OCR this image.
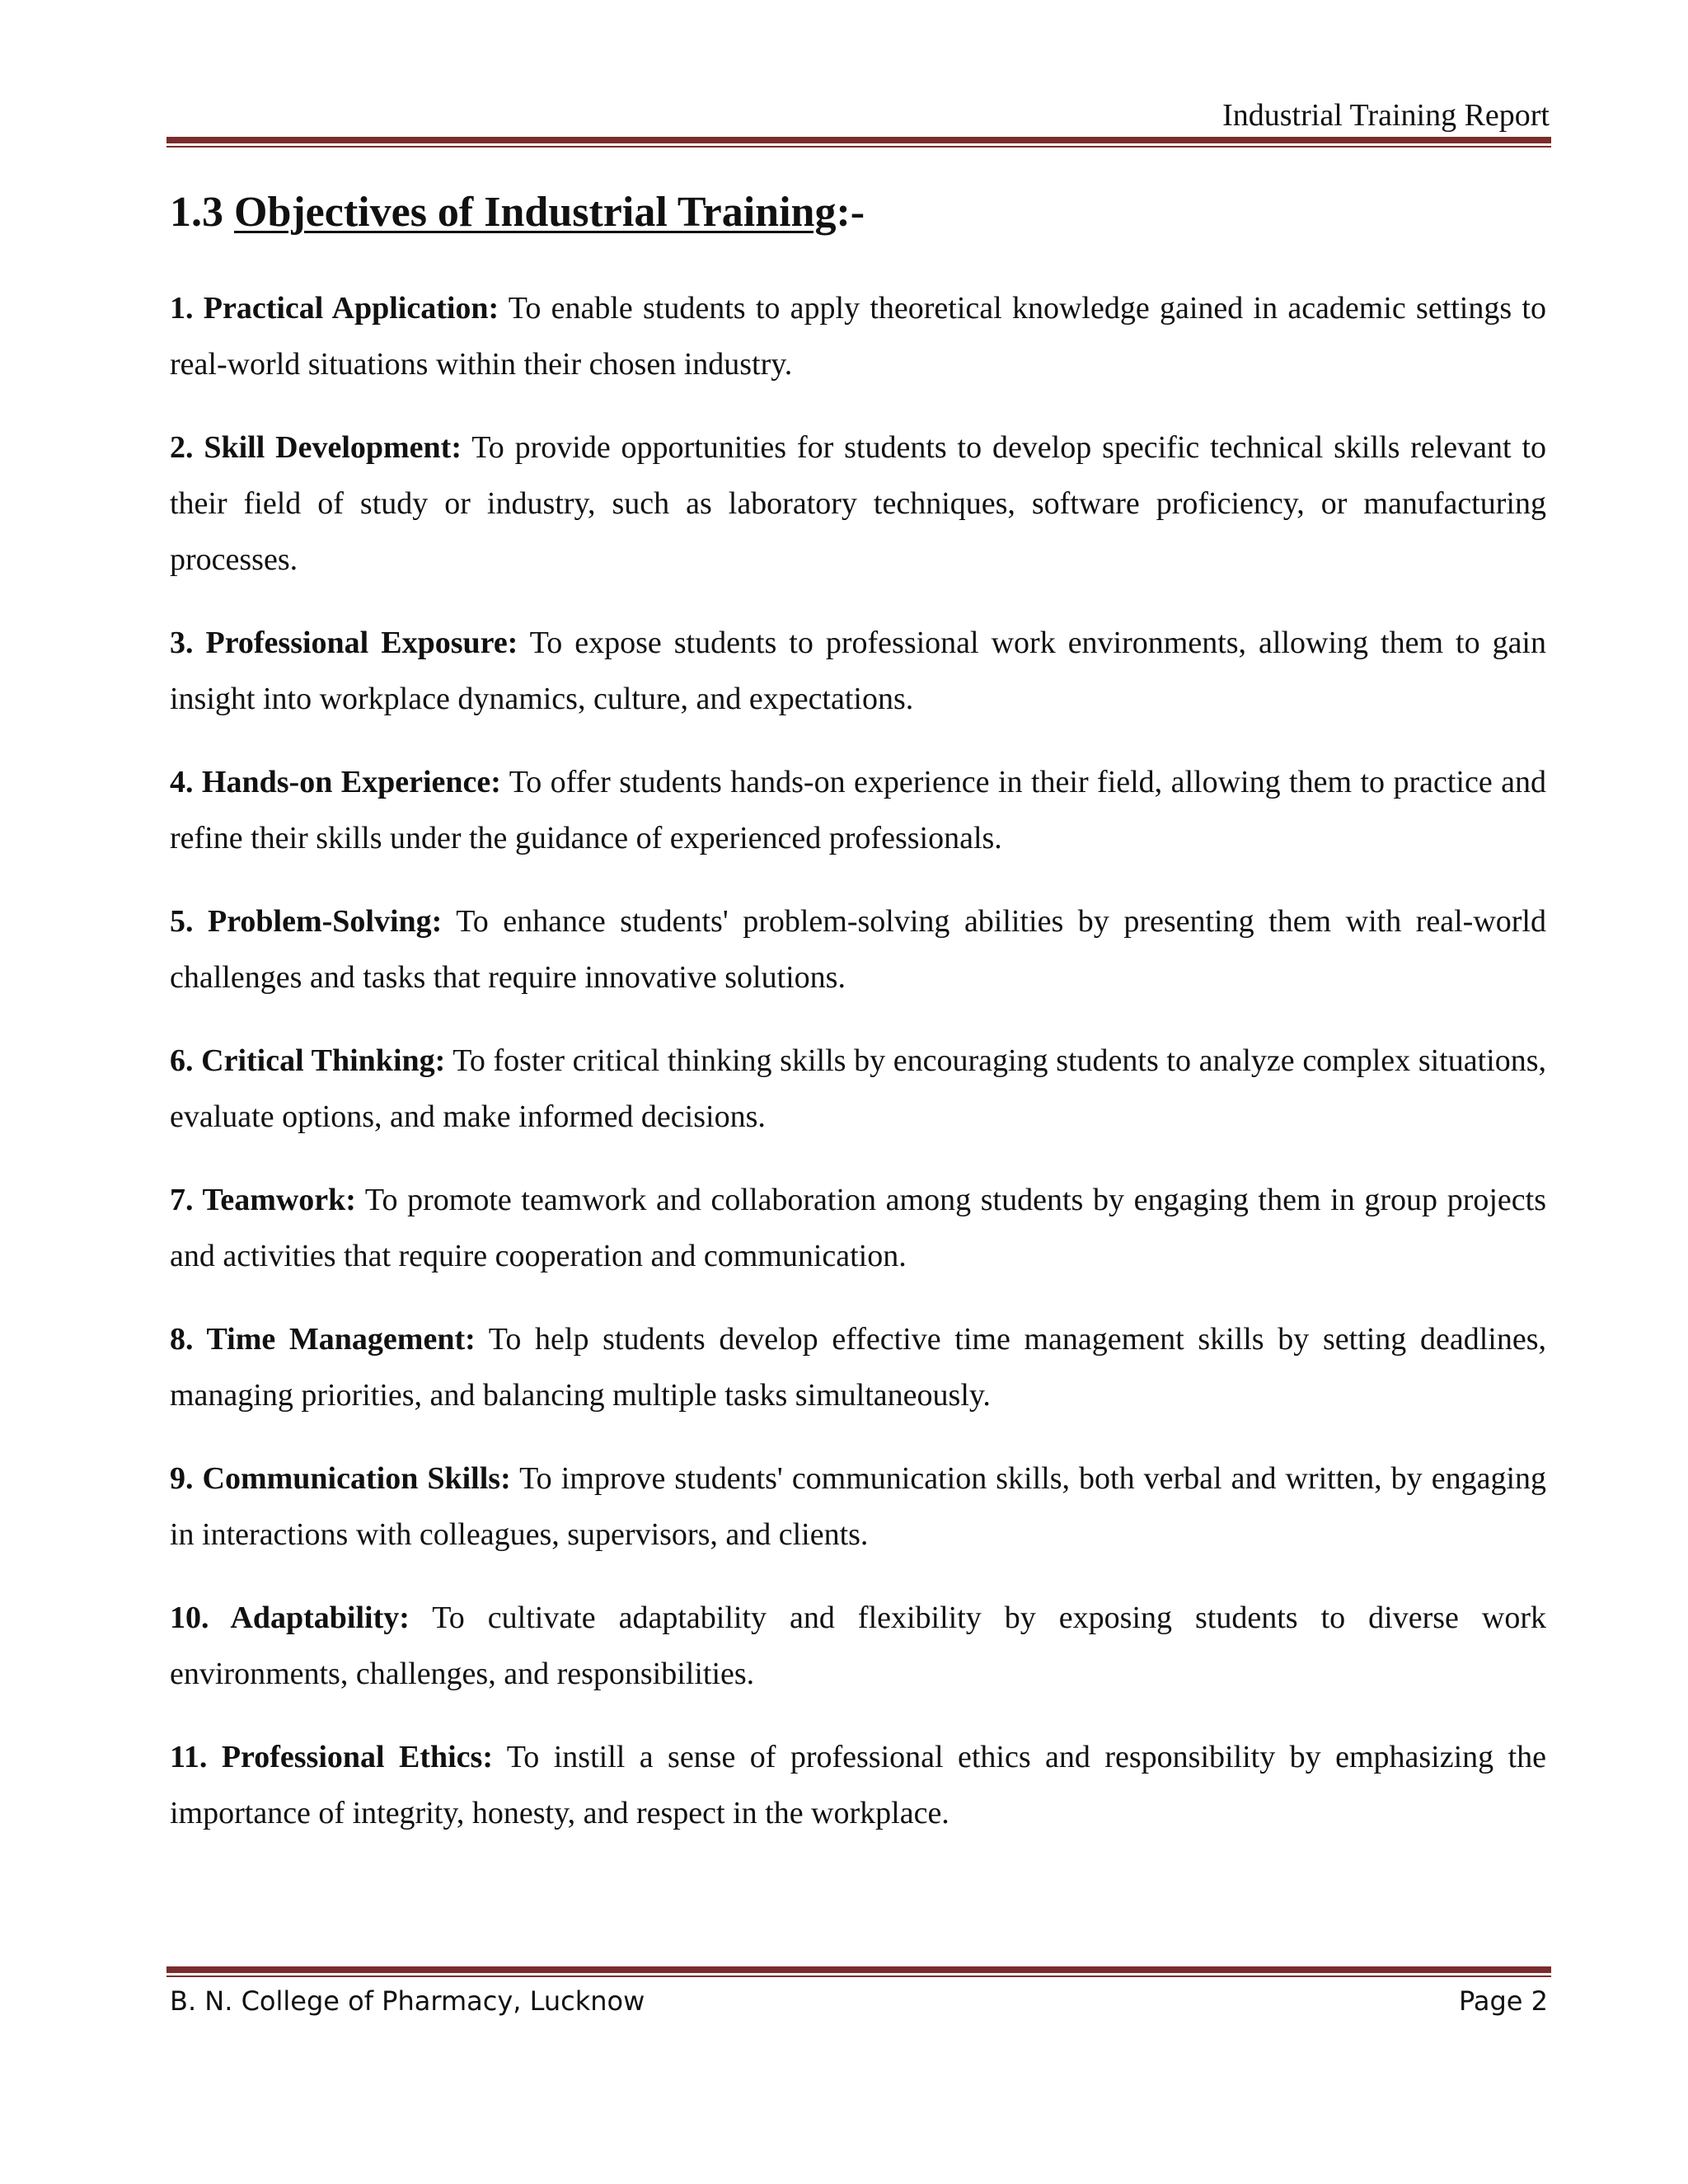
Industrial Training Report
1.3 Objectives of Industrial Training:-
1. Practical Application: To enable students to apply theoretical knowledge gained in academic settings to real-world situations within their chosen industry.
2. Skill Development: To provide opportunities for students to develop specific technical skills relevant to their field of study or industry, such as laboratory techniques, software proficiency, or manufacturing processes.
3. Professional Exposure: To expose students to professional work environments, allowing them to gain insight into workplace dynamics, culture, and expectations.
4. Hands-on Experience: To offer students hands-on experience in their field, allowing them to practice and refine their skills under the guidance of experienced professionals.
5. Problem-Solving: To enhance students' problem-solving abilities by presenting them with real-world challenges and tasks that require innovative solutions.
6. Critical Thinking: To foster critical thinking skills by encouraging students to analyze complex situations, evaluate options, and make informed decisions.
7. Teamwork: To promote teamwork and collaboration among students by engaging them in group projects and activities that require cooperation and communication.
8. Time Management: To help students develop effective time management skills by setting deadlines, managing priorities, and balancing multiple tasks simultaneously.
9. Communication Skills: To improve students' communication skills, both verbal and written, by engaging in interactions with colleagues, supervisors, and clients.
10. Adaptability: To cultivate adaptability and flexibility by exposing students to diverse work environments, challenges, and responsibilities.
11. Professional Ethics: To instill a sense of professional ethics and responsibility by emphasizing the importance of integrity, honesty, and respect in the workplace.
B. N. College of Pharmacy, Lucknow	Page 2
